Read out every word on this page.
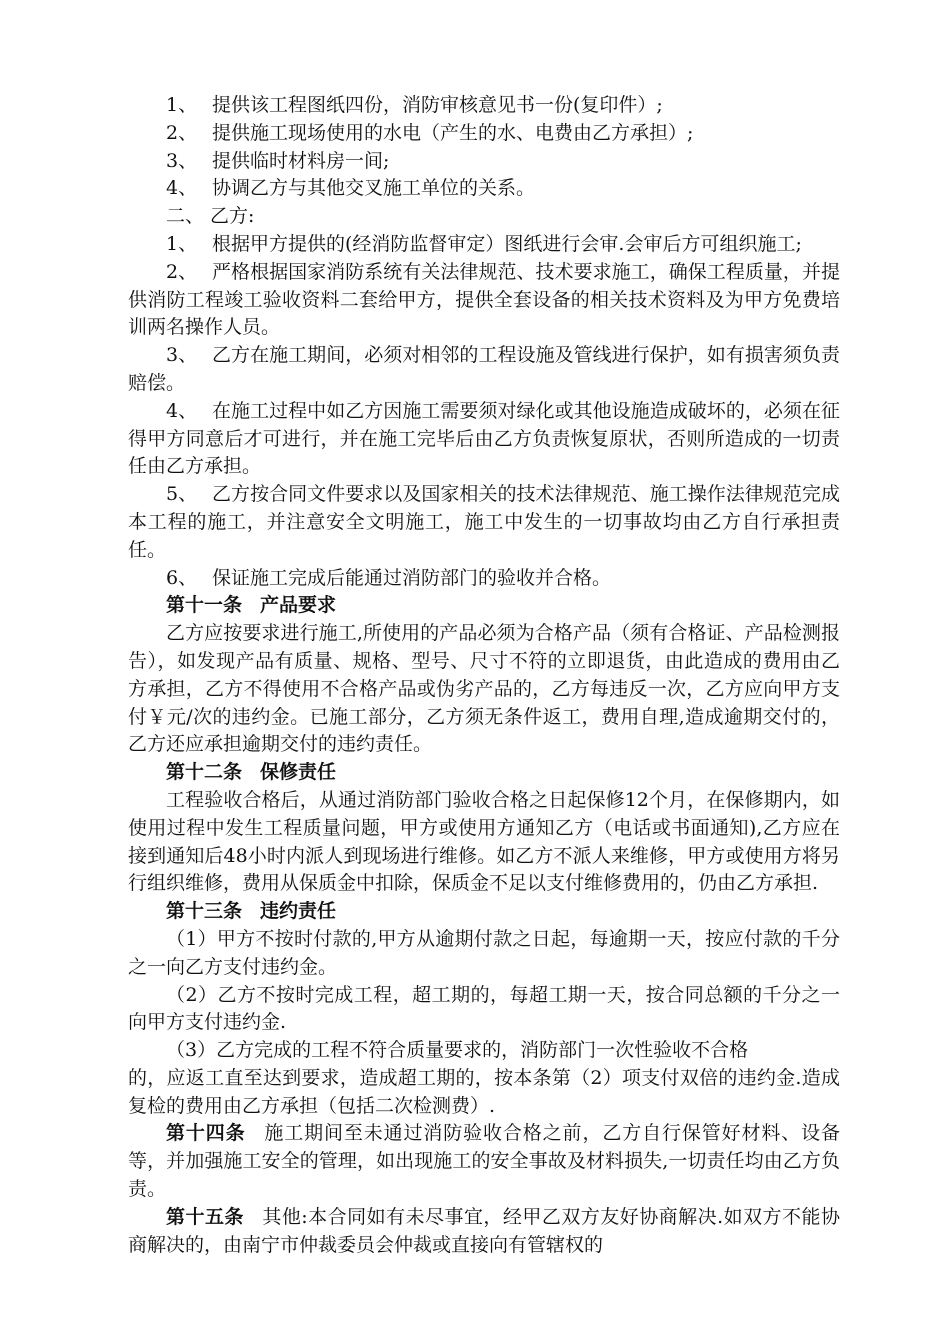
1、 提供该工程图纸四份，消防审核意见书一份(复印件）;

2、 提供施工现场使用的水电（产生的水、电费由乙方承担）;

3、 提供临时材料房一间;

4、 协调乙方与其他交叉施工单位的关系。

二、 乙方:

1、 根据甲方提供的(经消防监督审定）图纸进行会审.会审后方可组织施工;

2、 严格根据国家消防系统有关法律规范、技术要求施工，确保工程质量，并提供消防工程竣工验收资料二套给甲方，提供全套设备的相关技术资料及为甲方免费培训两名操作人员。

3、 乙方在施工期间，必须对相邻的工程设施及管线进行保护，如有损害须负责赔偿。

4、 在施工过程中如乙方因施工需要须对绿化或其他设施造成破坏的，必须在征得甲方同意后才可进行，并在施工完毕后由乙方负责恢复原状，否则所造成的一切责任由乙方承担。

5、 乙方按合同文件要求以及国家相关的技术法律规范、施工操作法律规范完成本工程的施工，并注意安全文明施工，施工中发生的一切事故均由乙方自行承担责任。

6、 保证施工完成后能通过消防部门的验收并合格。

第十一条 产品要求

乙方应按要求进行施工,所使用的产品必须为合格产品（须有合格证、产品检测报告），如发现产品有质量、规格、型号、尺寸不符的立即退货，由此造成的费用由乙方承担，乙方不得使用不合格产品或伪劣产品的，乙方每违反一次，乙方应向甲方支付￥元/次的违约金。已施工部分，乙方须无条件返工，费用自理,造成逾期交付的，乙方还应承担逾期交付的违约责任。

第十二条 保修责任

工程验收合格后，从通过消防部门验收合格之日起保修12个月，在保修期内，如使用过程中发生工程质量问题，甲方或使用方通知乙方（电话或书面通知),乙方应在接到通知后48小时内派人到现场进行维修。如乙方不派人来维修，甲方或使用方将另行组织维修，费用从保质金中扣除，保质金不足以支付维修费用的，仍由乙方承担.

第十三条 违约责任

（1）甲方不按时付款的,甲方从逾期付款之日起，每逾期一天，按应付款的千分之一向乙方支付违约金。

（2）乙方不按时完成工程，超工期的，每超工期一天，按合同总额的千分之一向甲方支付违约金.

（3）乙方完成的工程不符合质量要求的，消防部门一次性验收不合格

的，应返工直至达到要求，造成超工期的，按本条第（2）项支付双倍的违约金.造成复检的费用由乙方承担（包括二次检测费）.

第十四条 施工期间至未通过消防验收合格之前，乙方自行保管好材料、设备等，并加强施工安全的管理，如出现施工的安全事故及材料损失,一切责任均由乙方负责。

第十五条 其他:本合同如有未尽事宜，经甲乙双方友好协商解决.如双方不能协商解决的，由南宁市仲裁委员会仲裁或直接向有管辖权的
